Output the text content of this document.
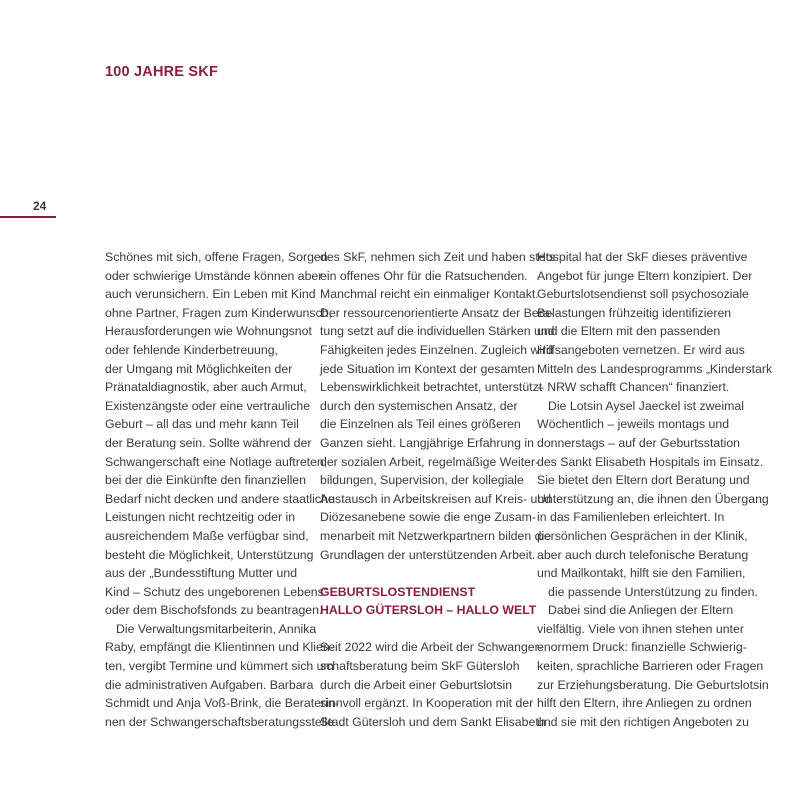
100 JAHRE SKF
24

Schönes mit sich, offene Fragen, Sorgen

oder schwierige Umstände können aber

auch verunsichern. Ein Leben mit Kind

ohne Partner, Fragen zum Kinderwunsch,

Herausforderungen wie Wohnungsnot

oder fehlende Kinderbetreuung,

der Umgang mit Möglichkeiten der

Pränataldiagnostik, aber auch Armut,

Existenzängste oder eine vertrauliche

Geburt – all das und mehr kann Teil

der Beratung sein. Sollte während der

Schwangerschaft eine Notlage auftreten,

bei der die Einkünfte den finanziellen

Bedarf nicht decken und andere staatliche

Leistungen nicht rechtzeitig oder in

ausreichendem Maße verfügbar sind,

besteht die Möglichkeit, Unterstützung

aus der „Bundesstiftung Mutter und

Kind – Schutz des ungeborenen Lebens“

oder dem Bischofsfonds zu beantragen.

Die Verwaltungsmitarbeiterin, Annika

Raby, empfängt die Klientinnen und Klien-

ten, vergibt Termine und kümmert sich um

die administrativen Aufgaben. Barbara

Schmidt und Anja Voß-Brink, die Beraterin-

nen der Schwangerschaftsberatungsstelle

des SkF, nehmen sich Zeit und haben stets

ein offenes Ohr für die Ratsuchenden.

Manchmal reicht ein einmaliger Kontakt.

Der ressourcenorientierte Ansatz der Bera-

tung setzt auf die individuellen Stärken und

Fähigkeiten jedes Einzelnen. Zugleich wird

jede Situation im Kontext der gesamten

Lebenswirklichkeit betrachtet, unterstützt

durch den systemischen Ansatz, der

die Einzelnen als Teil eines größeren

Ganzen sieht. Langjährige Erfahrung in

der sozialen Arbeit, regelmäßige Weiter-

bildungen, Supervision, der kollegiale

Austausch in Arbeitskreisen auf Kreis- und

Diözesanebene sowie die enge Zusam-

menarbeit mit Netzwerkpartnern bilden die

Grundlagen der unterstützenden Arbeit.

GEBURTSLOSTENDIENST

HALLO GÜTERSLOH – HALLO WELT

Seit 2022 wird die Arbeit der Schwanger-

schaftsberatung beim SkF Gütersloh

durch die Arbeit einer Geburtslotsin

sinnvoll ergänzt. In Kooperation mit der

Stadt Gütersloh und dem Sankt Elisabeth

Hospital hat der SkF dieses präventive

Angebot für junge Eltern konzipiert. Der

Geburtslotsendienst soll psychosoziale

Belastungen frühzeitig identifizieren

und die Eltern mit den passenden

Hilfsangeboten vernetzen. Er wird aus

Mitteln des Landesprogramms „Kinderstark

– NRW schafft Chancen“ finanziert.

Die Lotsin Aysel Jaeckel ist zweimal

Wöchentlich – jeweils montags und

donnerstags – auf der Geburtsstation

des Sankt Elisabeth Hospitals im Einsatz.

Sie bietet den Eltern dort Beratung und

Unterstützung an, die ihnen den Übergang

in das Familienleben erleichtert. In

persönlichen Gesprächen in der Klinik,

aber auch durch telefonische Beratung

und Mailkontakt, hilft sie den Familien,

die passende Unterstützung zu finden.

Dabei sind die Anliegen der Eltern

vielfältig. Viele von ihnen stehen unter

enormem Druck: finanzielle Schwierig-

keiten, sprachliche Barrieren oder Fragen

zur Erziehungsberatung. Die Geburtslotsin

hilft den Eltern, ihre Anliegen zu ordnen

und sie mit den richtigen Angeboten zu
